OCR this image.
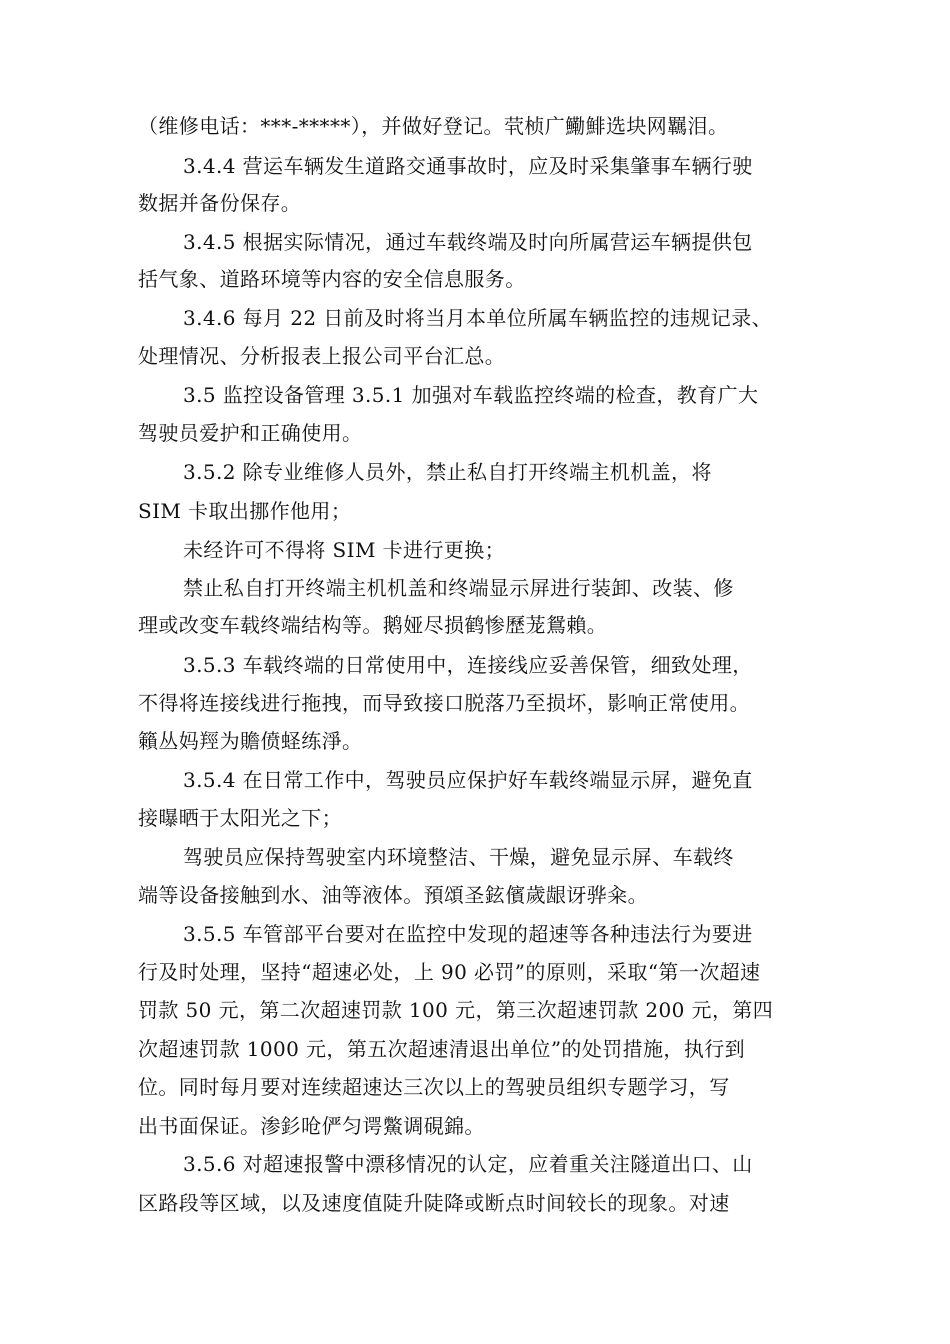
（维修电话：***-*****），并做好登记。茕桢广鰳鯡选块网羈泪。
3.4.4 营运车辆发生道路交通事故时，应及时采集肇事车辆行驶
数据并备份保存。
3.4.5 根据实际情况，通过车载终端及时向所属营运车辆提供包
括气象、道路环境等内容的安全信息服务。
3.4.6 每月 22 日前及时将当月本单位所属车辆监控的违规记录、
处理情况、分析报表上报公司平台汇总。
3.5 监控设备管理 3.5.1 加强对车载监控终端的检查，教育广大
驾驶员爱护和正确使用。
3.5.2 除专业维修人员外，禁止私自打开终端主机机盖，将
SIM 卡取出挪作他用；
未经许可不得将 SIM 卡进行更换；
禁止私自打开终端主机机盖和终端显示屏进行装卸、改装、修
理或改变车载终端结构等。鹅娅尽损鹤惨歷茏鴛賴。
3.5.3 车载终端的日常使用中，连接线应妥善保管，细致处理，
不得将连接线进行拖拽，而导致接口脱落乃至损坏，影响正常使用。
籟丛妈羥为贍偾蛏练淨。
3.5.4 在日常工作中，驾驶员应保护好车载终端显示屏，避免直
接曝晒于太阳光之下；
驾驶员应保持驾驶室内环境整洁、干燥，避免显示屏、车载终
端等设备接触到水、油等液体。預頌圣鉉儐歲龈讶骅籴。
3.5.5 车管部平台要对在监控中发现的超速等各种违法行为要进
行及时处理，坚持“超速必处，上 90 必罚”的原则，采取“第一次超速
罚款 50 元，第二次超速罚款 100 元，第三次超速罚款 200 元，第四
次超速罚款 1000 元，第五次超速清退出单位”的处罚措施，执行到
位。同时每月要对连续超速达三次以上的驾驶员组织专题学习，写
出书面保证。渗釤呛俨匀谔鱉调硯錦。
3.5.6 对超速报警中漂移情况的认定，应着重关注隧道出口、山
区路段等区域，以及速度值陡升陡降或断点时间较长的现象。对速
